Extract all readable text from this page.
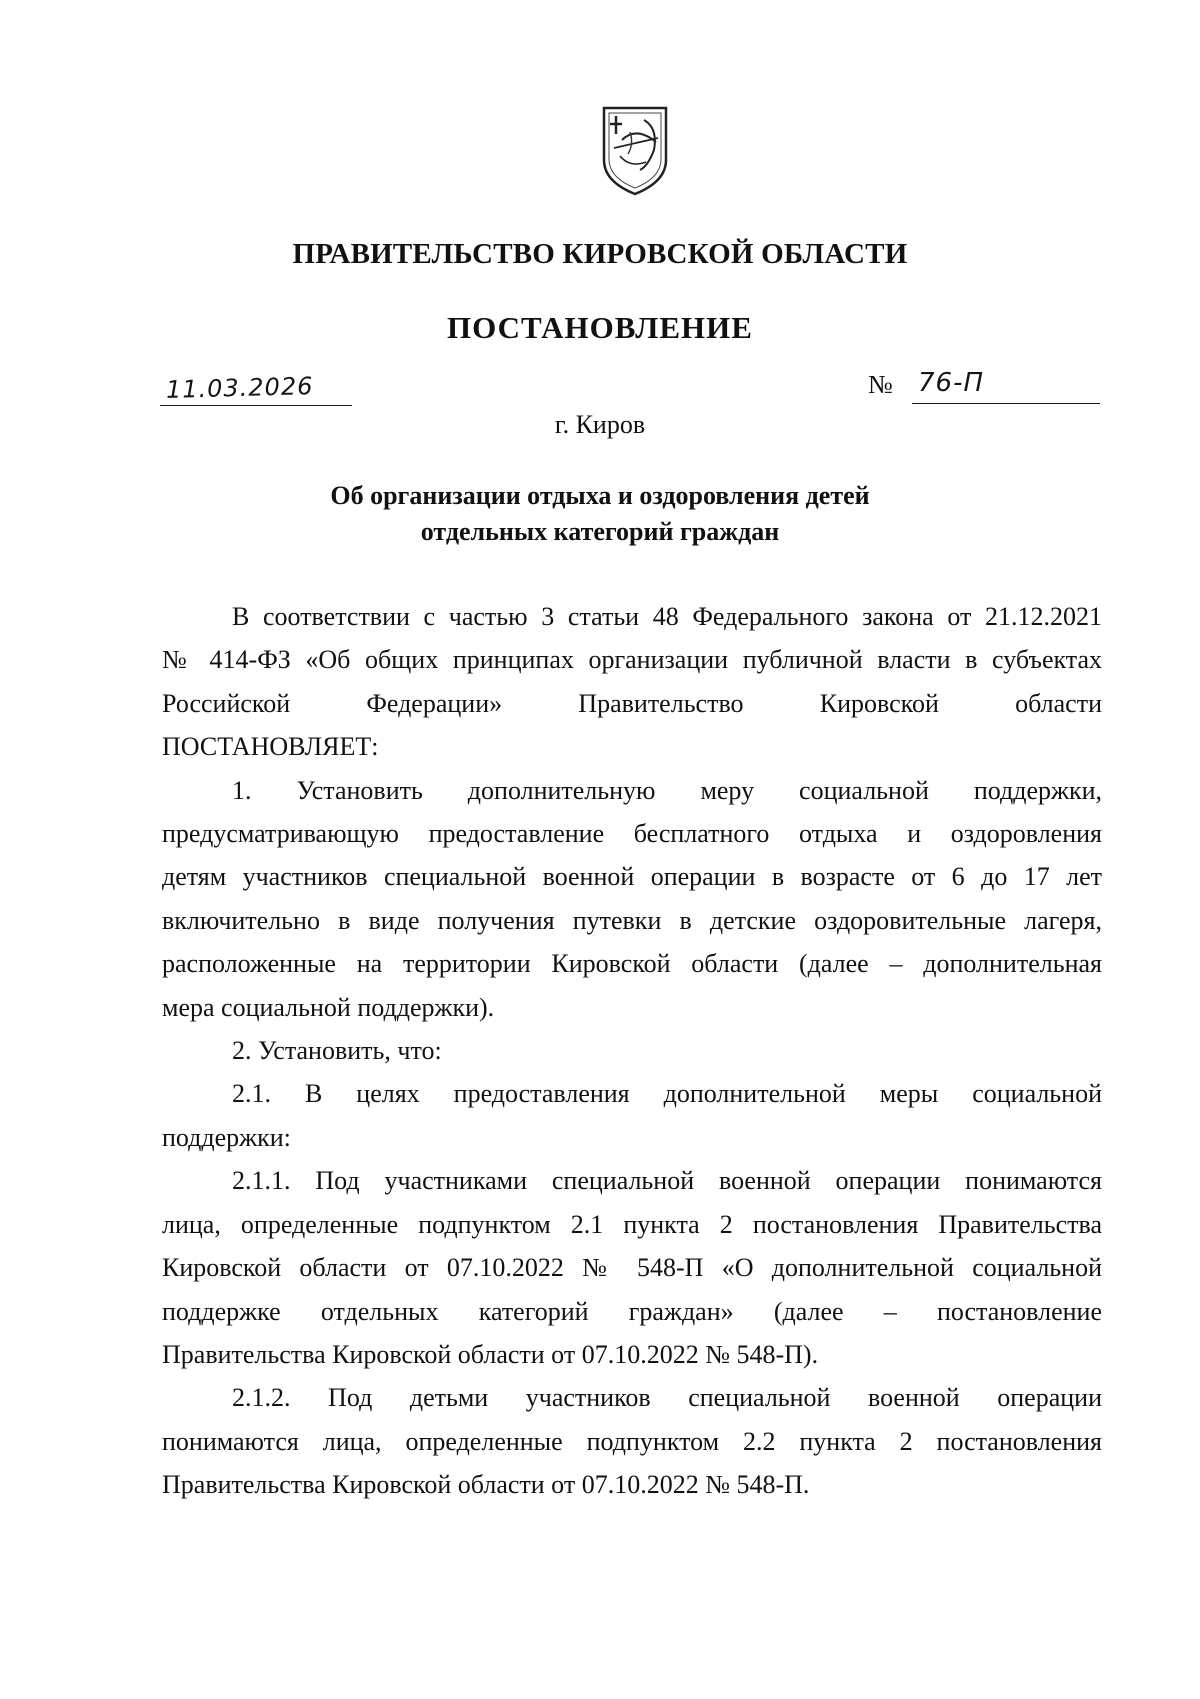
ПРАВИТЕЛЬСТВО КИРОВСКОЙ ОБЛАСТИ
ПОСТАНОВЛЕНИЕ
11.03.2026	№ 76-П
г. Киров
Об организации отдыха и оздоровления детей
отдельных категорий граждан

В соответствии с частью 3 статьи 48 Федерального закона от 21.12.2021

№ 414-ФЗ «Об общих принципах организации публичной власти в субъектах

Российской Федерации» Правительство Кировской области

ПОСТАНОВЛЯЕТ:

1. Установить дополнительную меру социальной поддержки,

предусматривающую предоставление бесплатного отдыха и оздоровления

детям участников специальной военной операции в возрасте от 6 до 17 лет

включительно в виде получения путевки в детские оздоровительные лагеря,

расположенные на территории Кировской области (далее – дополнительная

мера социальной поддержки).

2. Установить, что:

2.1. В целях предоставления дополнительной меры социальной

поддержки:

2.1.1. Под участниками специальной военной операции понимаются

лица, определенные подпунктом 2.1 пункта 2 постановления Правительства

Кировской области от 07.10.2022 № 548-П «О дополнительной социальной

поддержке отдельных категорий граждан» (далее – постановление

Правительства Кировской области от 07.10.2022 № 548-П).

2.1.2. Под детьми участников специальной военной операции

понимаются лица, определенные подпунктом 2.2 пункта 2 постановления

Правительства Кировской области от 07.10.2022 № 548-П.
